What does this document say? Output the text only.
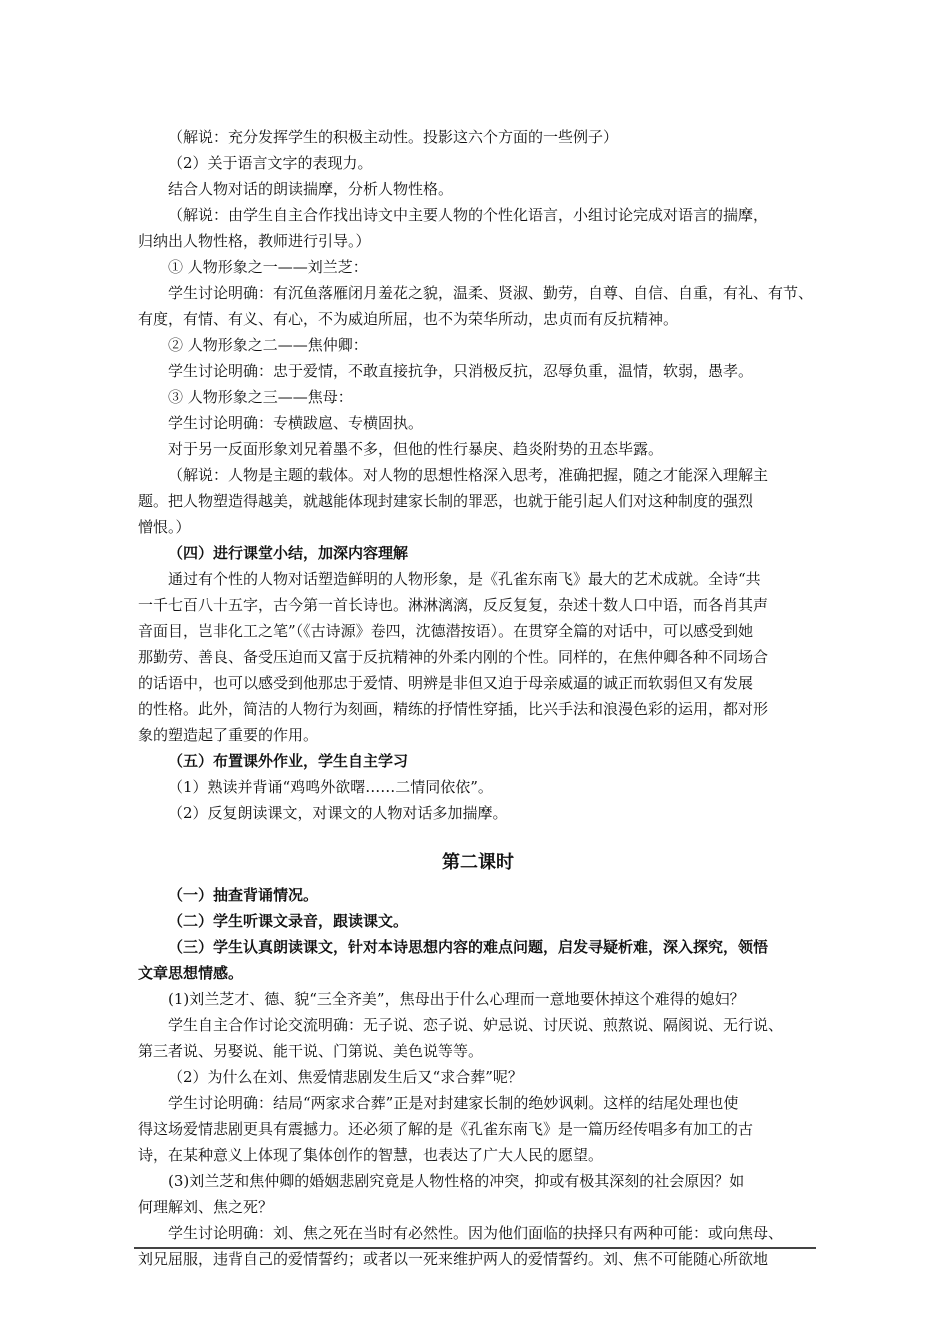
（解说：充分发挥学生的积极主动性。投影这六个方面的一些例子）
（2）关于语言文字的表现力。
结合人物对话的朗读揣摩，分析人物性格。
（解说：由学生自主合作找出诗文中主要人物的个性化语言，小组讨论完成对语言的揣摩，
归纳出人物性格，教师进行引导。）
① 人物形象之一——刘兰芝：
学生讨论明确：有沉鱼落雁闭月羞花之貌，温柔、贤淑、勤劳，自尊、自信、自重，有礼、有节、
有度，有情、有义、有心，不为威迫所屈，也不为荣华所动，忠贞而有反抗精神。
② 人物形象之二——焦仲卿：
学生讨论明确：忠于爱情，不敢直接抗争，只消极反抗，忍辱负重，温情，软弱，愚孝。
③ 人物形象之三——焦母：
学生讨论明确：专横跋扈、专横固执。
对于另一反面形象刘兄着墨不多，但他的性行暴戾、趋炎附势的丑态毕露。
（解说：人物是主题的载体。对人物的思想性格深入思考，准确把握，随之才能深入理解主
题。把人物塑造得越美，就越能体现封建家长制的罪恶，也就于能引起人们对这种制度的强烈
憎恨。）
（四）进行课堂小结，加深内容理解
通过有个性的人物对话塑造鲜明的人物形象，是《孔雀东南飞》最大的艺术成就。全诗“共
一千七百八十五字，古今第一首长诗也。淋淋漓漓，反反复复，杂述十数人口中语，而各肖其声
音面目，岂非化工之笔”（《古诗源》卷四，沈德潜按语）。在贯穿全篇的对话中，可以感受到她
那勤劳、善良、备受压迫而又富于反抗精神的外柔内刚的个性。同样的，在焦仲卿各种不同场合
的话语中，也可以感受到他那忠于爱情、明辨是非但又迫于母亲威逼的诚正而软弱但又有发展
的性格。此外，简洁的人物行为刻画，精练的抒情性穿插，比兴手法和浪漫色彩的运用，都对形
象的塑造起了重要的作用。
（五）布置课外作业，学生自主学习
（1）熟读并背诵“鸡鸣外欲曙……二情同依依”。
（2）反复朗读课文，对课文的人物对话多加揣摩。
第二课时
（一）抽查背诵情况。
（二）学生听课文录音，跟读课文。
（三）学生认真朗读课文，针对本诗思想内容的难点问题，启发寻疑析难，深入探究，领悟
文章思想情感。
(1)刘兰芝才、德、貌“三全齐美”，焦母出于什么心理而一意地要休掉这个难得的媳妇？
学生自主合作讨论交流明确：无子说、恋子说、妒忌说、讨厌说、煎熬说、隔阂说、无行说、
第三者说、另娶说、能干说、门第说、美色说等等。
（2）为什么在刘、焦爱情悲剧发生后又“求合葬”呢？
学生讨论明确：结局“两家求合葬”正是对封建家长制的绝妙讽刺。这样的结尾处理也使
得这场爱情悲剧更具有震撼力。还必须了解的是《孔雀东南飞》是一篇历经传唱多有加工的古
诗，在某种意义上体现了集体创作的智慧，也表达了广大人民的愿望。
(3)刘兰芝和焦仲卿的婚姻悲剧究竟是人物性格的冲突，抑或有极其深刻的社会原因？如
何理解刘、焦之死？
学生讨论明确：刘、焦之死在当时有必然性。因为他们面临的抉择只有两种可能：或向焦母、
刘兄屈服，违背自己的爱情誓约；或者以一死来维护两人的爱情誓约。刘、焦不可能随心所欲地
